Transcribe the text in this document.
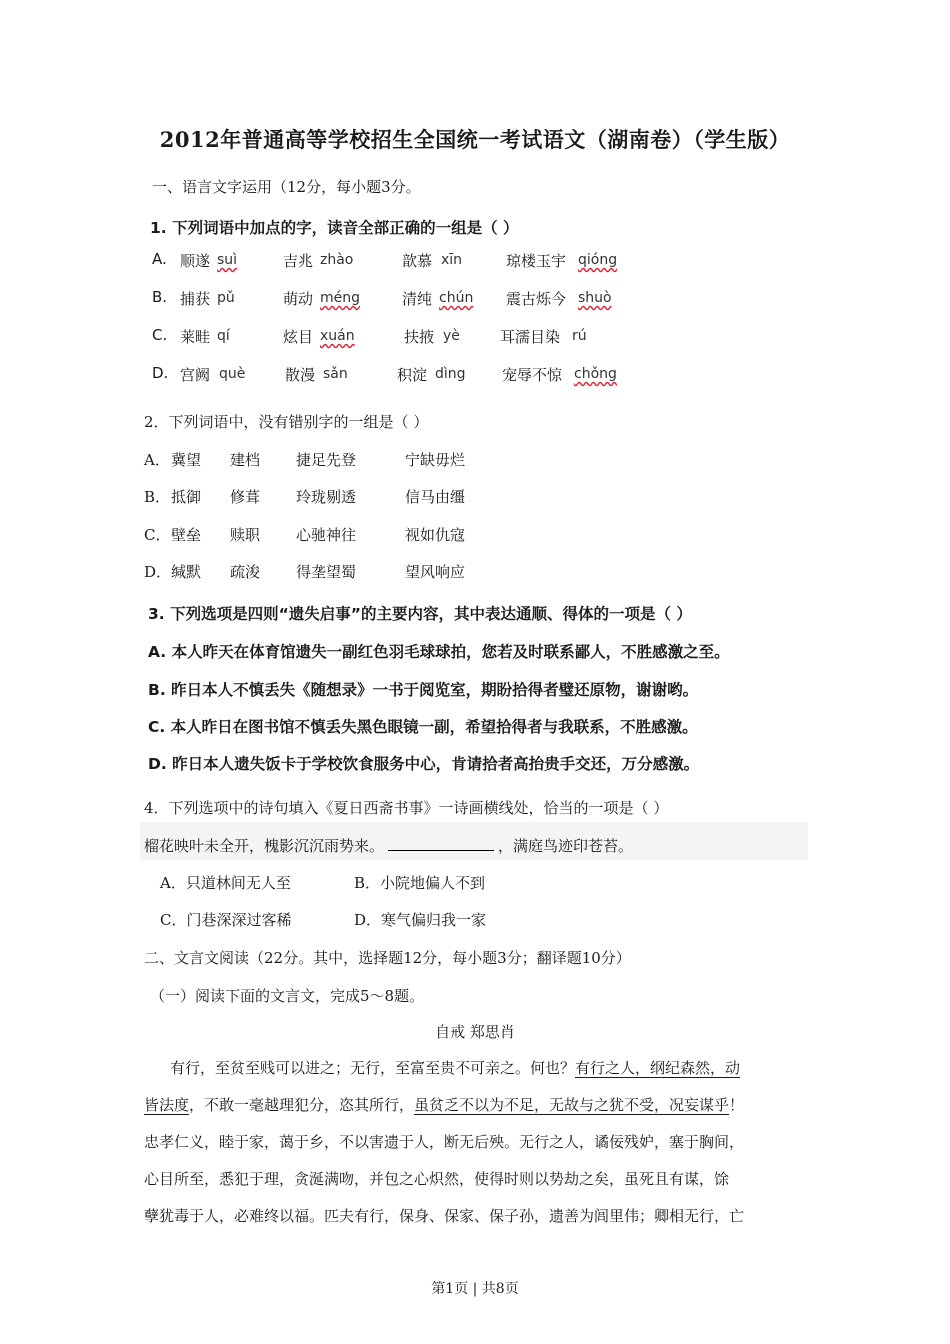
2012年普通高等学校招生全国统一考试语文（湖南卷）（学生版）
一、语言文字运用（12分，每小题3分。
1. 下列词语中加点的字，读音全部正确的一组是（ ）
A. 顺遂 suì	吉兆 zhào	歆慕 xīn	琼楼玉宇 qióng
B. 捕获 pǔ	萌动 méng	清纯 chún 震古烁今 shuò
C. 莱畦 qí	炫目 xuán	扶掖 yè	耳濡目染 rú
D. 宫阙 què	散漫 sǎn	积淀 dìng 宠辱不惊 chǒng
2．下列词语中，没有错别字的一组是（ ）
A． 冀望 建档 捷足先登	宁缺毋烂
B． 抵御 修葺 玲珑剔透	信马由缰
C． 壁垒 赎职 心驰神往	视如仇寇
D． 缄默 疏浚 得垄望蜀	望风响应
3. 下列选项是四则“遗失启事”的主要内容，其中表达通顺、得体的一项是（ ）
A. 本人昨天在体育馆遗失一副红色羽毛球球拍，您若及时联系鄙人，不胜感激之至。
B. 昨日本人不慎丢失《随想录》一书于阅览室，期盼拾得者璧还原物，谢谢哟。
C. 本人昨日在图书馆不慎丢失黑色眼镜一副，希望拾得者与我联系，不胜感激。
D. 昨日本人遗失饭卡于学校饮食服务中心，肯请拾者高抬贵手交还，万分感激。
4．下列选项中的诗句填入《夏日西斋书事》一诗画横线处，恰当的一项是（ ）
榴花映叶未全开，槐影沉沉雨势来。	，满庭鸟迹印苍苔。
A．只道林间无人至	B．小院地偏人不到
C．门巷深深过客稀	D．寒气偏归我一家
二、文言文阅读（22分。其中，选择题12分，每小题3分；翻译题10分）
（一）阅读下面的文言文，完成5～8题。
自戒 郑思肖
有行，至贫至贱可以进之；无行，至富至贵不可亲之。何也？有行之人，纲纪森然，动
皆法度，不敢一毫越理犯分，恣其所行，虽贫乏不以为不足，无故与之犹不受，况妄谋乎！
忠孝仁义，睦于家，蔼于乡，不以害遗于人，断无后殃。无行之人，谲佞残妒，塞于胸间，
心目所至，悉犯于理，贪涎满吻，并包之心炽然，使得时则以势劫之矣，虽死且有谋，馀
孽犹毒于人，必难终以福。匹夫有行，保身、保家、保子孙，遗善为闾里伟；卿相无行，亡
第1页 | 共8页
